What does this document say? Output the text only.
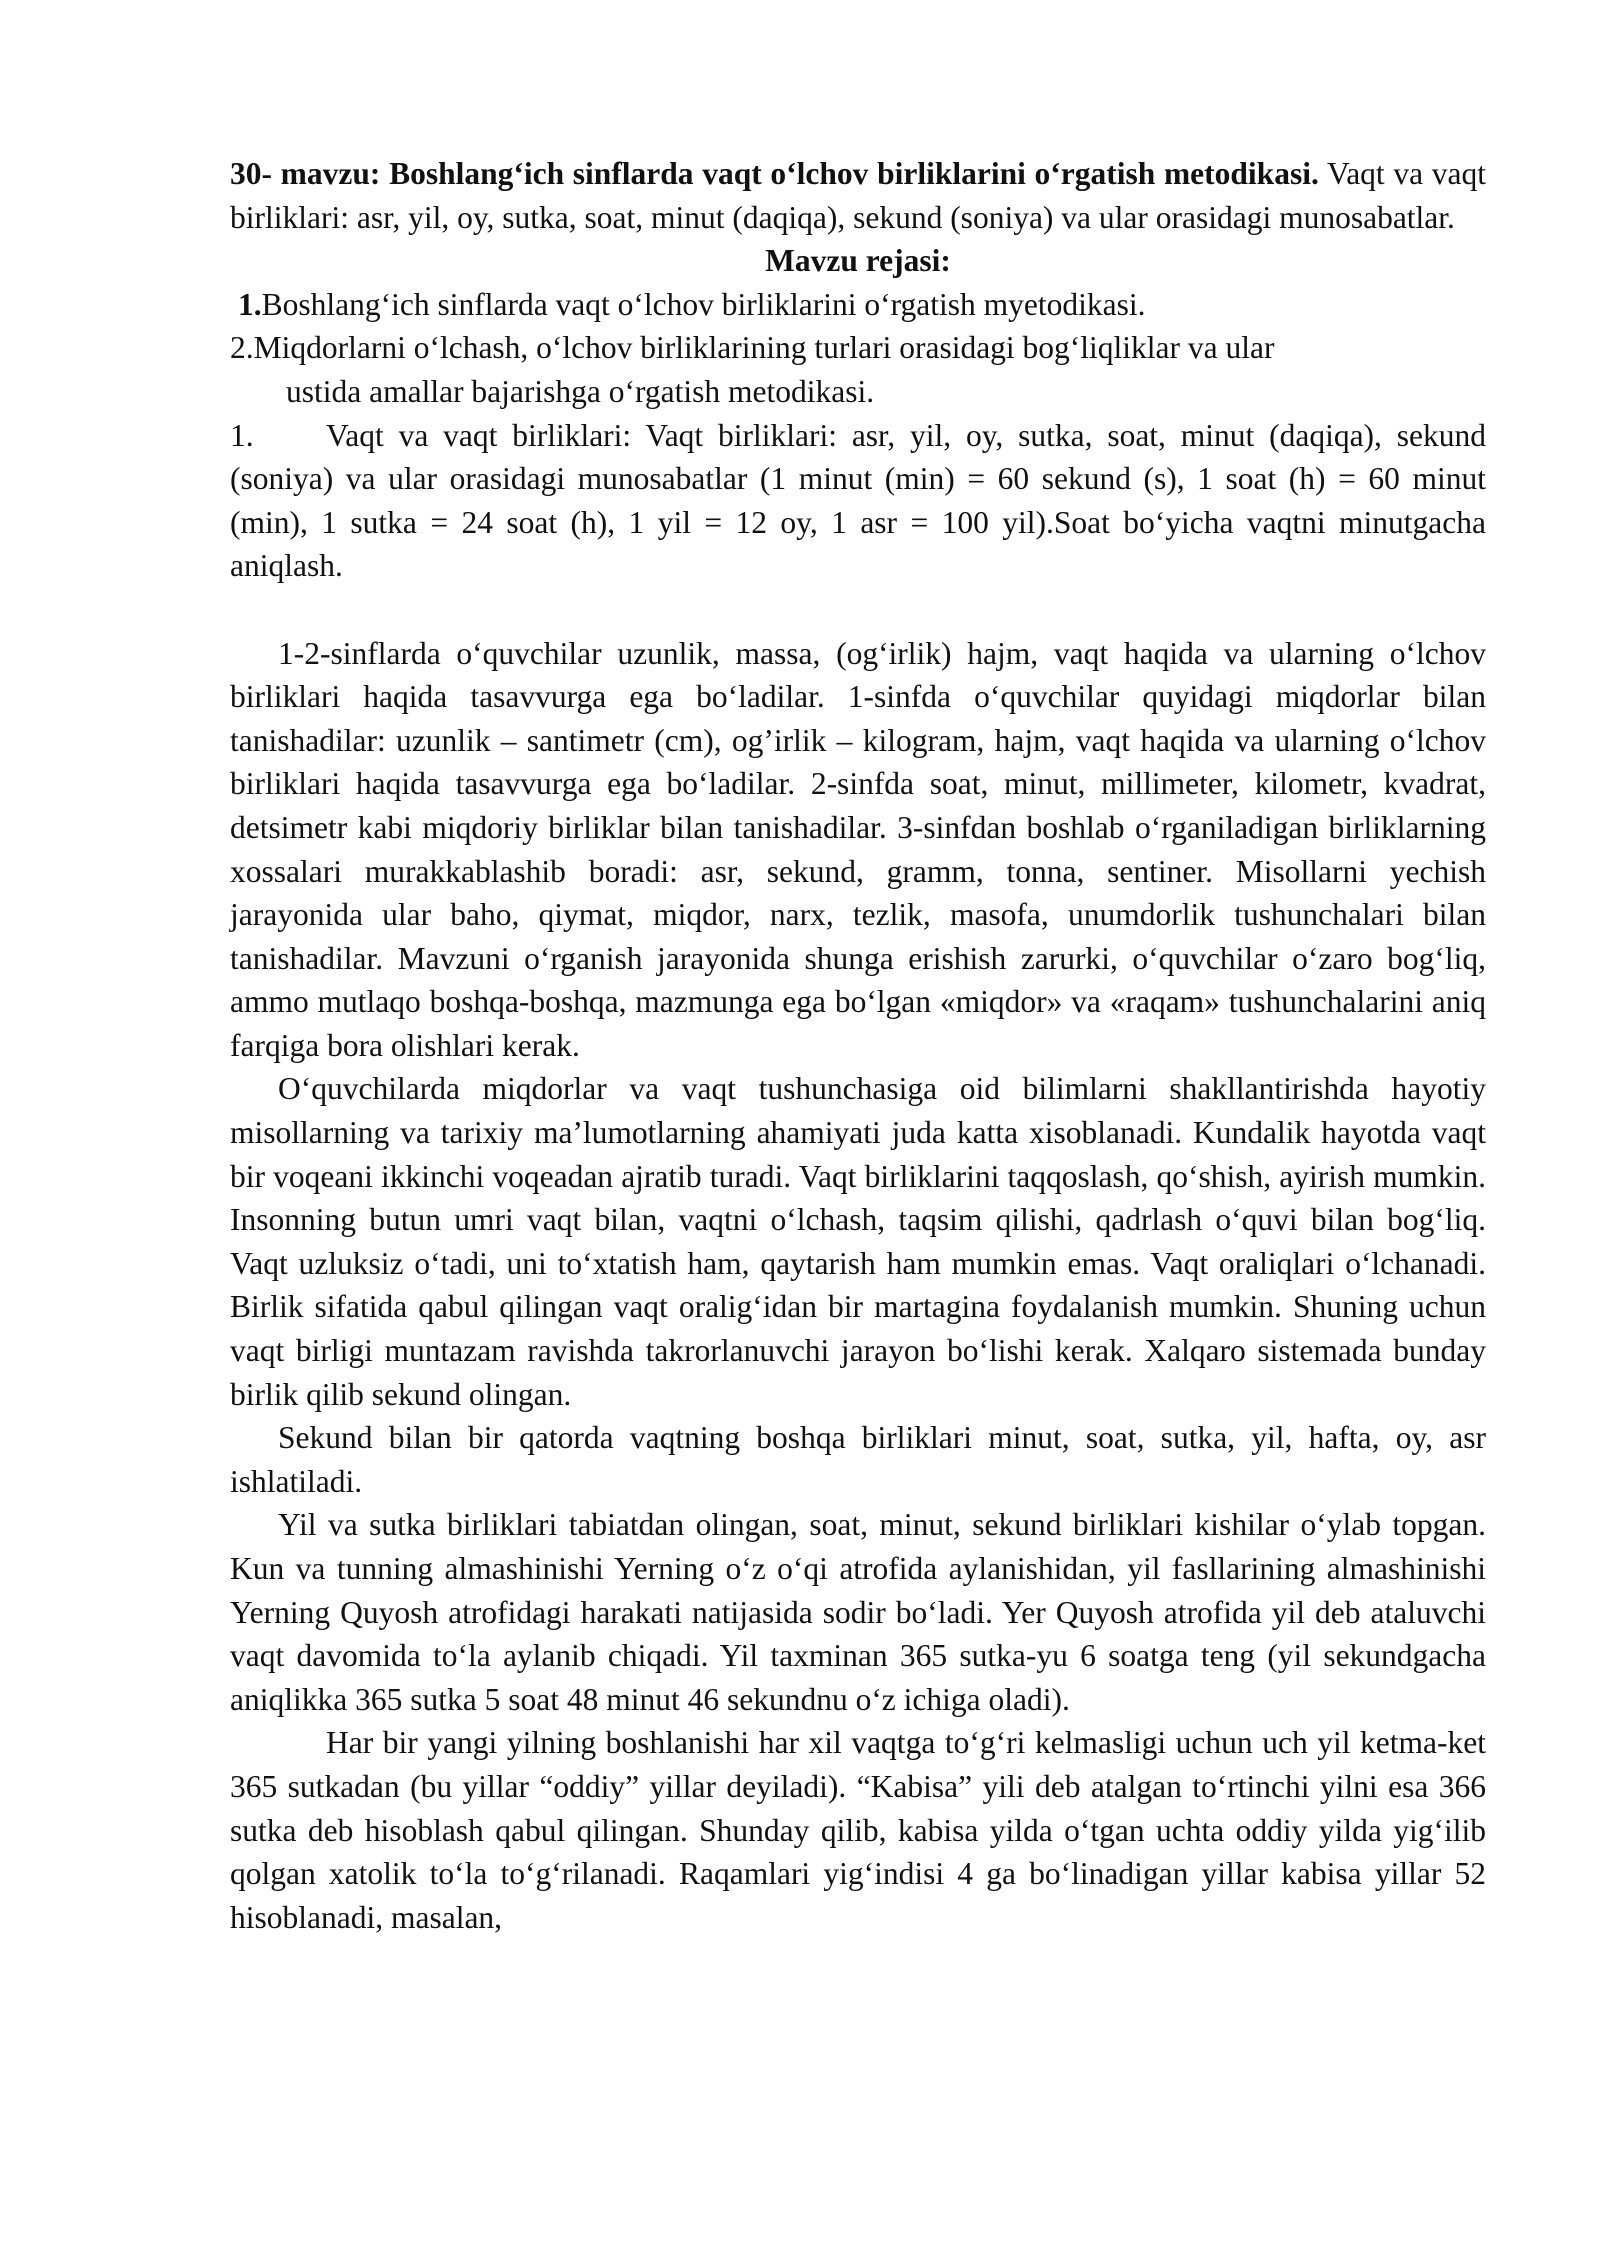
30- mavzu: Boshlang‘ich sinflarda vaqt o‘lchov birliklarini o‘rgatish metodikasi. Vaqt va vaqt birliklari: asr, yil, oy, sutka, soat, minut (daqiqa), sekund (soniya) va ular orasidagi munosabatlar.

Mavzu rejasi:

1.Boshlang‘ich sinflarda vaqt o‘lchov birliklarini o‘rgatish myetodikasi.

2.Miqdorlarni o‘lchash, o‘lchov birliklarining turlari orasidagi bog‘liqliklar va ular

ustida amallar bajarishga o‘rgatish metodikasi.

1. Vaqt va vaqt birliklari: Vaqt birliklari: asr, yil, oy, sutka, soat, minut (daqiqa), sekund (soniya) va ular orasidagi munosabatlar (1 minut (min) = 60 sekund (s), 1 soat (h) = 60 minut (min), 1 sutka = 24 soat (h), 1 yil = 12 oy, 1 asr = 100 yil).Soat bo‘yicha vaqtni minutgacha aniqlash.

1-2-sinflarda o‘quvchilar uzunlik, massa, (og‘irlik) hajm, vaqt haqida va ularning o‘lchov birliklari haqida tasavvurga ega bo‘ladilar. 1-sinfda o‘quvchilar quyidagi miqdorlar bilan tanishadilar: uzunlik – santimetr (cm), og’irlik – kilogram, hajm, vaqt haqida va ularning o‘lchov birliklari haqida tasavvurga ega bo‘ladilar. 2-sinfda soat, minut, millimeter, kilometr, kvadrat, detsimetr kabi miqdoriy birliklar bilan tanishadilar. 3-sinfdan boshlab o‘rganiladigan birliklarning xossalari murakkablashib boradi: asr, sekund, gramm, tonna, sentiner. Misollarni yechish jarayonida ular baho, qiymat, miqdor, narx, tezlik, masofa, unumdorlik tushunchalari bilan tanishadilar. Mavzuni o‘rganish jarayonida shunga erishish zarurki, o‘quvchilar o‘zaro bog‘liq, ammo mutlaqo boshqa-boshqa, mazmunga ega bo‘lgan «miqdor» va «raqam» tushunchalarini aniq farqiga bora olishlari kerak.

O‘quvchilarda miqdorlar va vaqt tushunchasiga oid bilimlarni shakllantirishda hayotiy misollarning va tarixiy ma’lumotlarning ahamiyati juda katta xisoblanadi. Kundalik hayotda vaqt bir voqeani ikkinchi voqeadan ajratib turadi. Vaqt birliklarini taqqoslash, qo‘shish, ayirish mumkin. Insonning butun umri vaqt bilan, vaqtni o‘lchash, taqsim qilishi, qadrlash o‘quvi bilan bog‘liq. Vaqt uzluksiz o‘tadi, uni to‘xtatish ham, qaytarish ham mumkin emas. Vaqt oraliqlari o‘lchanadi. Birlik sifatida qabul qilingan vaqt oralig‘idan bir martagina foydalanish mumkin. Shuning uchun vaqt birligi muntazam ravishda takrorlanuvchi jarayon bo‘lishi kerak. Xalqaro sistemada bunday birlik qilib sekund olingan.

Sekund bilan bir qatorda vaqtning boshqa birliklari minut, soat, sutka, yil, hafta, oy, asr ishlatiladi.

Yil va sutka birliklari tabiatdan olingan, soat, minut, sekund birliklari kishilar o‘ylab topgan. Kun va tunning almashinishi Yerning o‘z o‘qi atrofida aylanishidan, yil fasllarining almashinishi Yerning Quyosh atrofidagi harakati natijasida sodir bo‘ladi. Yer Quyosh atrofida yil deb ataluvchi vaqt davomida to‘la aylanib chiqadi. Yil taxminan 365 sutka-yu 6 soatga teng (yil sekundgacha aniqlikka 365 sutka 5 soat 48 minut 46 sekundnu o‘z ichiga oladi).

Har bir yangi yilning boshlanishi har xil vaqtga to‘g‘ri kelmasligi uchun uch yil ketma-ket 365 sutkadan (bu yillar “oddiy” yillar deyiladi). “Kabisa” yili deb atalgan to‘rtinchi yilni esa 366 sutka deb hisoblash qabul qilingan. Shunday qilib, kabisa yilda o‘tgan uchta oddiy yilda yig‘ilib qolgan xatolik to‘la to‘g‘rilanadi. Raqamlari yig‘indisi 4 ga bo‘linadigan yillar kabisa yillar 52 hisoblanadi, masalan,
